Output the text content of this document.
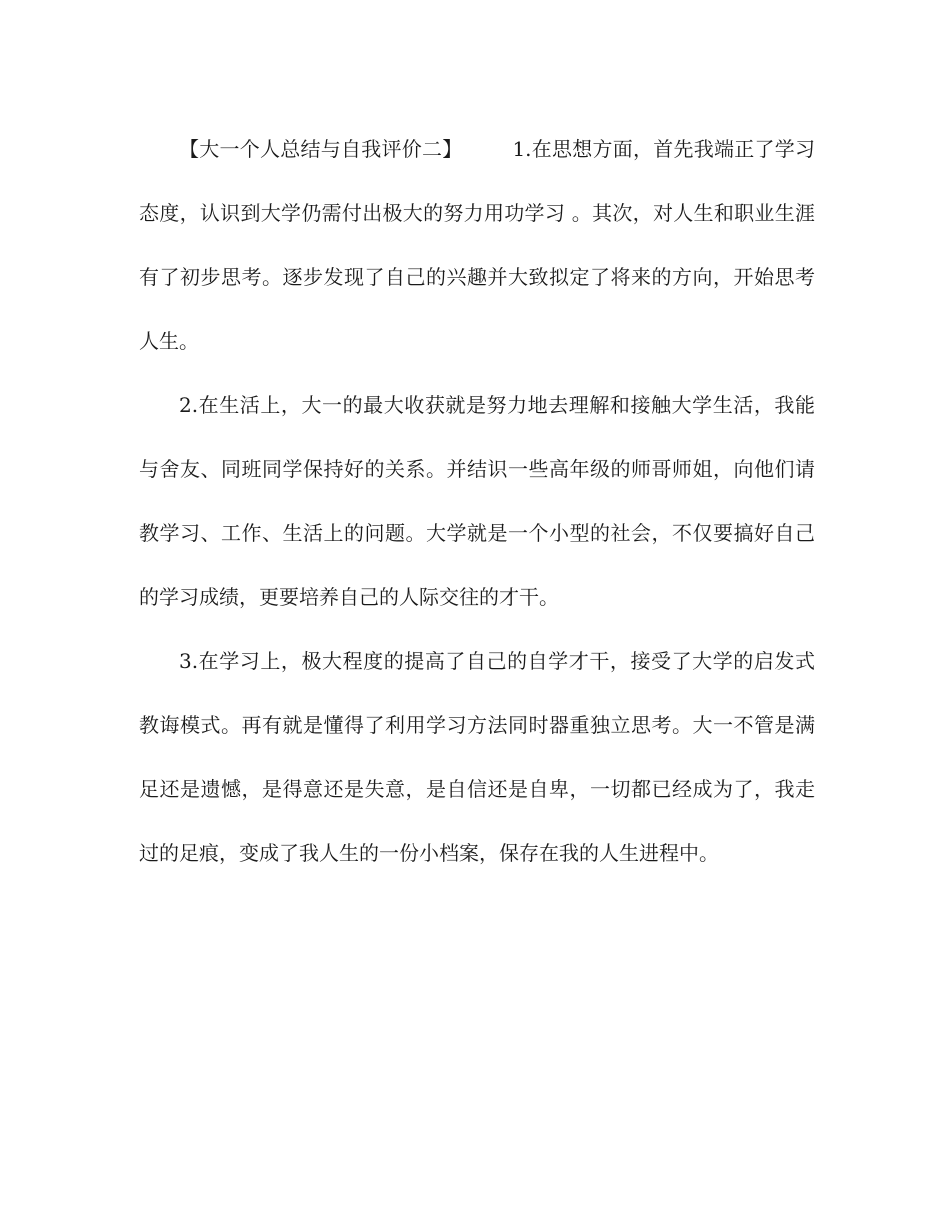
【大一个人总结与自我评价二】	1.在思想方面，首先我端正了学习态度，认识到大学仍需付出极大的努力用功学习 。其次，对人生和职业生涯有了初步思考。逐步发现了自己的兴趣并大致拟定了将来的方向，开始思考人生。

2.在生活上，大一的最大收获就是努力地去理解和接触大学生活，我能与舍友、同班同学保持好的关系。并结识一些高年级的师哥师姐，向他们请教学习、工作、生活上的问题。大学就是一个小型的社会，不仅要搞好自己的学习成绩，更要培养自己的人际交往的才干。

3.在学习上，极大程度的提高了自己的自学才干，接受了大学的启发式教诲模式。再有就是懂得了利用学习方法同时器重独立思考。大一不管是满足还是遗憾，是得意还是失意，是自信还是自卑，一切都已经成为了，我走过的足痕，变成了我人生的一份小档案，保存在我的人生进程中。
